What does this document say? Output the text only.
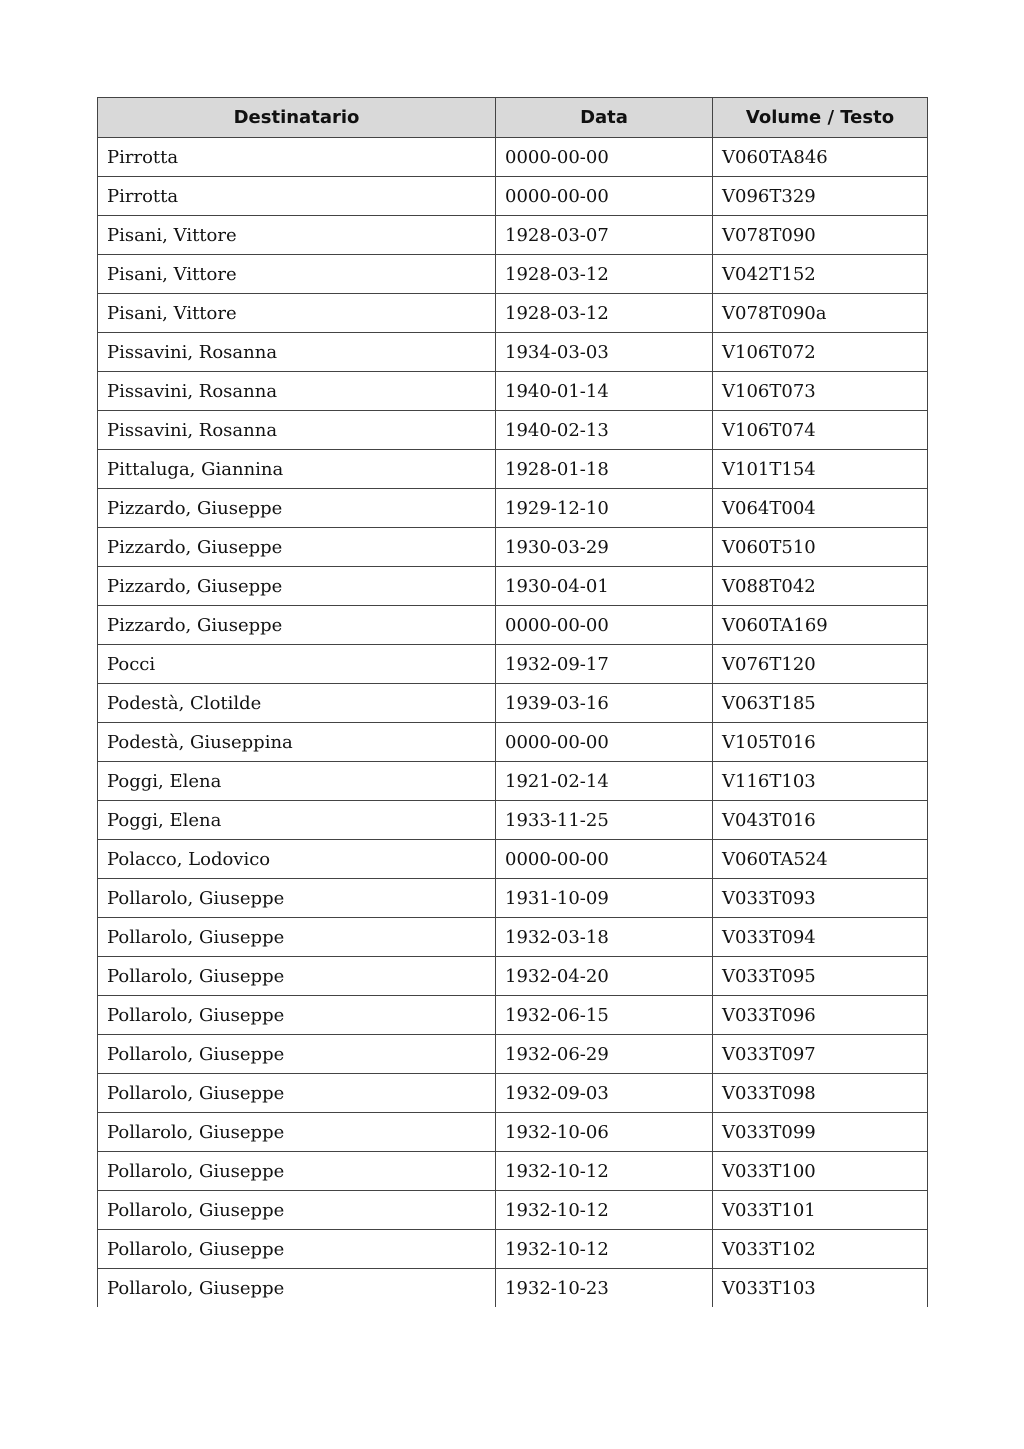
Destinatario	Data	Volume / Testo
Pirrotta	0000-00-00	V060TA846
Pirrotta	0000-00-00	V096T329
Pisani, Vittore	1928-03-07	V078T090
Pisani, Vittore	1928-03-12	V042T152
Pisani, Vittore	1928-03-12	V078T090a
Pissavini, Rosanna	1934-03-03	V106T072
Pissavini, Rosanna	1940-01-14	V106T073
Pissavini, Rosanna	1940-02-13	V106T074
Pittaluga, Giannina	1928-01-18	V101T154
Pizzardo, Giuseppe	1929-12-10	V064T004
Pizzardo, Giuseppe	1930-03-29	V060T510
Pizzardo, Giuseppe	1930-04-01	V088T042
Pizzardo, Giuseppe	0000-00-00	V060TA169
Pocci	1932-09-17	V076T120
Podestà, Clotilde	1939-03-16	V063T185
Podestà, Giuseppina	0000-00-00	V105T016
Poggi, Elena	1921-02-14	V116T103
Poggi, Elena	1933-11-25	V043T016
Polacco, Lodovico	0000-00-00	V060TA524
Pollarolo, Giuseppe	1931-10-09	V033T093
Pollarolo, Giuseppe	1932-03-18	V033T094
Pollarolo, Giuseppe	1932-04-20	V033T095
Pollarolo, Giuseppe	1932-06-15	V033T096
Pollarolo, Giuseppe	1932-06-29	V033T097
Pollarolo, Giuseppe	1932-09-03	V033T098
Pollarolo, Giuseppe	1932-10-06	V033T099
Pollarolo, Giuseppe	1932-10-12	V033T100
Pollarolo, Giuseppe	1932-10-12	V033T101
Pollarolo, Giuseppe	1932-10-12	V033T102
Pollarolo, Giuseppe	1932-10-23	V033T103
